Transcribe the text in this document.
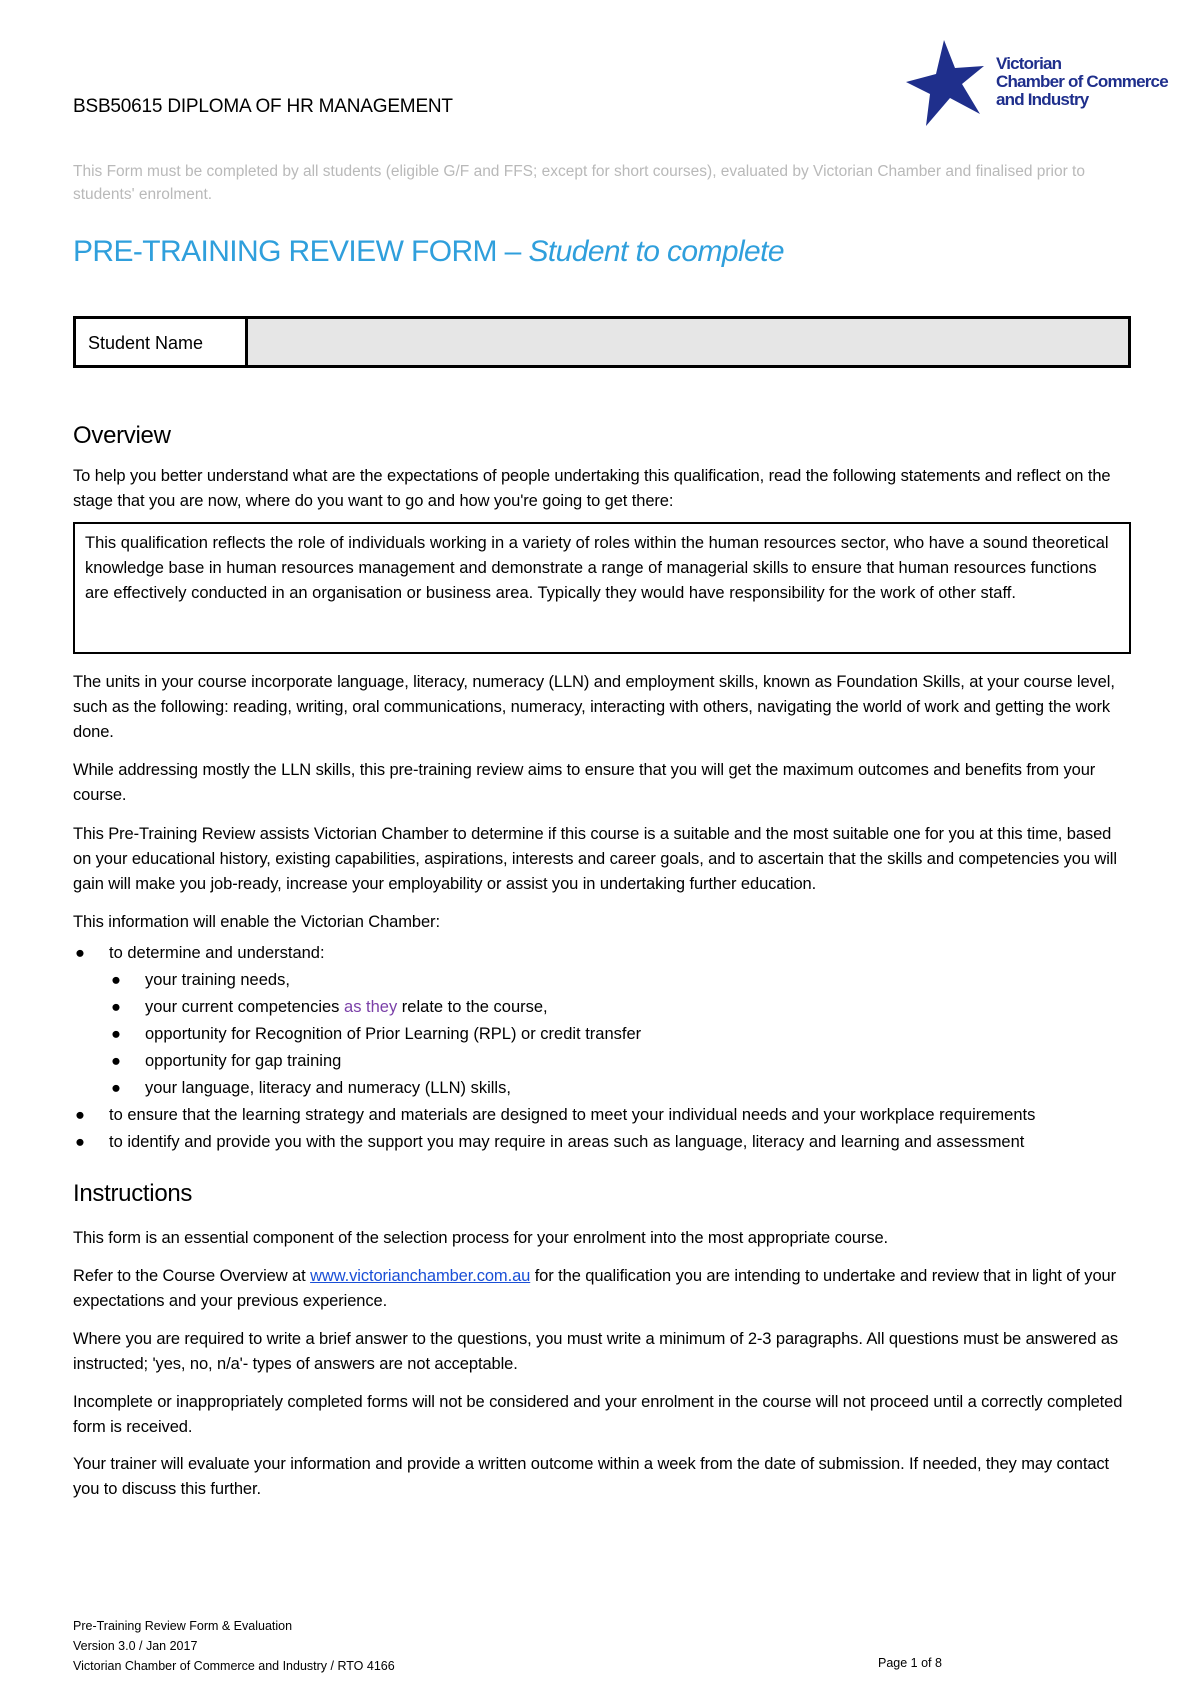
BSB50615 DIPLOMA OF HR MANAGEMENT
Victorian
Chamber of Commerce
and Industry
This Form must be completed by all students (eligible G/F and FFS; except for short courses), evaluated by Victorian Chamber and finalised prior to students' enrolment.
PRE-TRAINING REVIEW FORM – Student to complete
Student Name
Overview
To help you better understand what are the expectations of people undertaking this qualification, read the following statements and reflect on the stage that you are now, where do you want to go and how you're going to get there:
This qualification reflects the role of individuals working in a variety of roles within the human resources sector, who have a sound theoretical knowledge base in human resources management and demonstrate a range of managerial skills to ensure that human resources functions are effectively conducted in an organisation or business area. Typically they would have responsibility for the work of other staff.
The units in your course incorporate language, literacy, numeracy (LLN) and employment skills, known as Foundation Skills, at your course level, such as the following: reading, writing, oral communications, numeracy, interacting with others, navigating the world of work and getting the work done.
While addressing mostly the LLN skills, this pre-training review aims to ensure that you will get the maximum outcomes and benefits from your course.
This Pre-Training Review assists Victorian Chamber to determine if this course is a suitable and the most suitable one for you at this time, based on your educational history, existing capabilities, aspirations, interests and career goals, and to ascertain that the skills and competencies you will gain will make you job-ready, increase your employability or assist you in undertaking further education.
This information will enable the Victorian Chamber:
● to determine and understand:
● your training needs,
● your current competencies as they relate to the course,
● opportunity for Recognition of Prior Learning (RPL) or credit transfer
● opportunity for gap training
● your language, literacy and numeracy (LLN) skills,
● to ensure that the learning strategy and materials are designed to meet your individual needs and your workplace requirements
● to identify and provide you with the support you may require in areas such as language, literacy and learning and assessment
Instructions
This form is an essential component of the selection process for your enrolment into the most appropriate course.
Refer to the Course Overview at www.victorianchamber.com.au for the qualification you are intending to undertake and review that in light of your expectations and your previous experience.
Where you are required to write a brief answer to the questions, you must write a minimum of 2-3 paragraphs. All questions must be answered as instructed; 'yes, no, n/a'- types of answers are not acceptable.
Incomplete or inappropriately completed forms will not be considered and your enrolment in the course will not proceed until a correctly completed form is received.
Your trainer will evaluate your information and provide a written outcome within a week from the date of submission. If needed, they may contact you to discuss this further.
Pre-Training Review Form & Evaluation
Version 3.0 / Jan 2017
Victorian Chamber of Commerce and Industry / RTO 4166	Page 1 of 8
